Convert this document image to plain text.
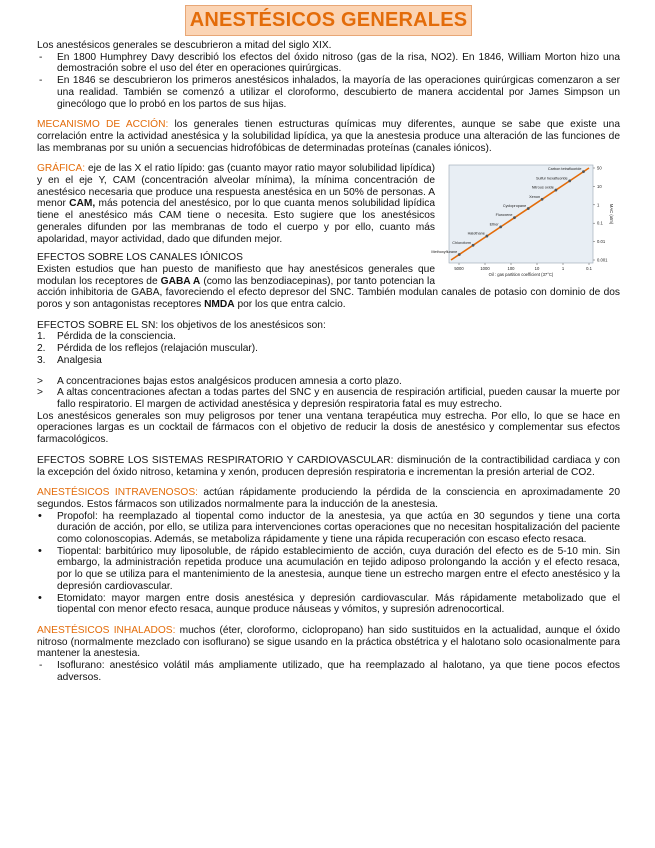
ANESTÉSICOS GENERALES

Los anestésicos generales se descubrieron a mitad del siglo XIX.

- En 1800 Humphrey Davy describió los efectos del óxido nitroso (gas de la risa, NO2). En 1846, William Morton hizo una demostración sobre el uso del éter en operaciones quirúrgicas.
- En 1846 se descubrieron los primeros anestésicos inhalados, la mayoría de las operaciones quirúrgicas comenzaron a ser una realidad. También se comenzó a utilizar el cloroformo, descubierto de manera accidental por James Simpson un ginecólogo que lo probó en los partos de sus hijas.

MECANISMO DE ACCIÓN: los generales tienen estructuras químicas muy diferentes, aunque se sabe que existe una correlación entre la actividad anestésica y la solubilidad lipídica, ya que la anestesia produce una alteración de las funciones de las membranas por su unión a secuencias hidrofóbicas de determinadas proteínas (canales iónicos).

Carbon tetrafluoride
Sulfur hexafluoride
Nitrous oxide
Xenon
Cyclopropane
Fluroxene
Ether
Halothane
Chloroform
Methoxyflurane
50
10
1
0.1
0.01
0.001
MAC (atm)
5000	1000	100	10	1	0.1
Oil : gas partition coefficient (37°C)

GRÁFICA: eje de las X el ratio lípido: gas (cuanto mayor ratio mayor solubilidad lipídica) y en el eje Y, CAM (concentración alveolar mínima), la mínima concentración de anestésico necesaria que produce una respuesta anestésica en un 50% de personas. A menor CAM, más potencia del anestésico, por lo que cuanta menos solubilidad lipídica tiene el anestésico más CAM tiene o necesita. Esto sugiere que los anestésicos generales difunden por las membranas de todo el cuerpo y por ello, cuanto más apolaridad, mayor actividad, dado que difunden mejor.

EFECTOS SOBRE LOS CANALES IÓNICOS

Existen estudios que han puesto de manifiesto que hay anestésicos generales que modulan los receptores de GABA A (como las benzodiacepinas), por tanto potencian la acción inhibitoria de GABA, favoreciendo el efecto depresor del SNC. También modulan canales de potasio con dominio de dos poros y son antagonistas receptores NMDA por los que entra calcio.

EFECTOS SOBRE EL SN: los objetivos de los anestésicos son:

1. Pérdida de la consciencia.
2. Pérdida de los reflejos (relajación muscular).
3. Analgesia
> A concentraciones bajas estos analgésicos producen amnesia a corto plazo.
> A altas concentraciones afectan a todas partes del SNC y en ausencia de respiración artificial, pueden causar la muerte por fallo respiratorio. El margen de actividad anestésica y depresión respiratoria fatal es muy estrecho.

Los anestésicos generales son muy peligrosos por tener una ventana terapéutica muy estrecha. Por ello, lo que se hace en operaciones largas es un cocktail de fármacos con el objetivo de reducir la dosis de anestésico y complementar sus efectos farmacológicos.

EFECTOS SOBRE LOS SISTEMAS RESPIRATORIO Y CARDIOVASCULAR: disminución de la contractibilidad cardiaca y con la excepción del óxido nitroso, ketamina y xenón, producen depresión respiratoria e incrementan la presión arterial de CO2.

ANESTÉSICOS INTRAVENOSOS: actúan rápidamente produciendo la pérdida de la consciencia en aproximadamente 20 segundos. Estos fármacos son utilizados normalmente para la inducción de la anestesia.

• Propofol: ha reemplazado al tiopental como inductor de la anestesia, ya que actúa en 30 segundos y tiene una corta duración de acción, por ello, se utiliza para intervenciones cortas operaciones que no necesitan hospitalización del paciente como colonoscopias. Además, se metaboliza rápidamente y tiene una rápida recuperación con escaso efecto resaca.
• Tiopental: barbitúrico muy liposoluble, de rápido establecimiento de acción, cuya duración del efecto es de 5-10 min. Sin embargo, la administración repetida produce una acumulación en tejido adiposo prolongando la acción y el efecto resaca, por lo que se utiliza para el mantenimiento de la anestesia, aunque tiene un estrecho margen entre el efecto anestésico y la depresión cardiovascular.
• Etomidato: mayor margen entre dosis anestésica y depresión cardiovascular. Más rápidamente metabolizado que el tiopental con menor efecto resaca, aunque produce náuseas y vómitos, y supresión adrenocortical.

ANESTÉSICOS INHALADOS: muchos (éter, cloroformo, ciclopropano) han sido sustituidos en la actualidad, aunque el óxido nitroso (normalmente mezclado con isoflurano) se sigue usando en la práctica obstétrica y el halotano solo ocasionalmente para mantener la anestesia.

- Isoflurano: anestésico volátil más ampliamente utilizado, que ha reemplazado al halotano, ya que tiene pocos efectos adversos.
